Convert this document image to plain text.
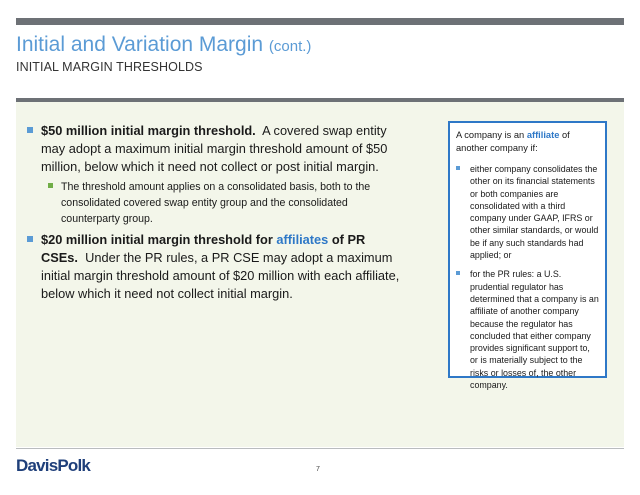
Initial and Variation Margin (cont.)
INITIAL MARGIN THRESHOLDS
$50 million initial margin threshold. A covered swap entity may adopt a maximum initial margin threshold amount of $50 million, below which it need not collect or post initial margin.
The threshold amount applies on a consolidated basis, both to the consolidated covered swap entity group and the consolidated counterparty group.
$20 million initial margin threshold for affiliates of PR CSEs. Under the PR rules, a PR CSE may adopt a maximum initial margin threshold amount of $20 million with each affiliate, below which it need not collect initial margin.
A company is an affiliate of another company if:
either company consolidates the other on its financial statements or both companies are consolidated with a third company under GAAP, IFRS or other similar standards, or would be if any such standards had applied; or
for the PR rules: a U.S. prudential regulator has determined that a company is an affiliate of another company because the regulator has concluded that either company provides significant support to, or is materially subject to the risks or losses of, the other company.
DavisPolk	7
